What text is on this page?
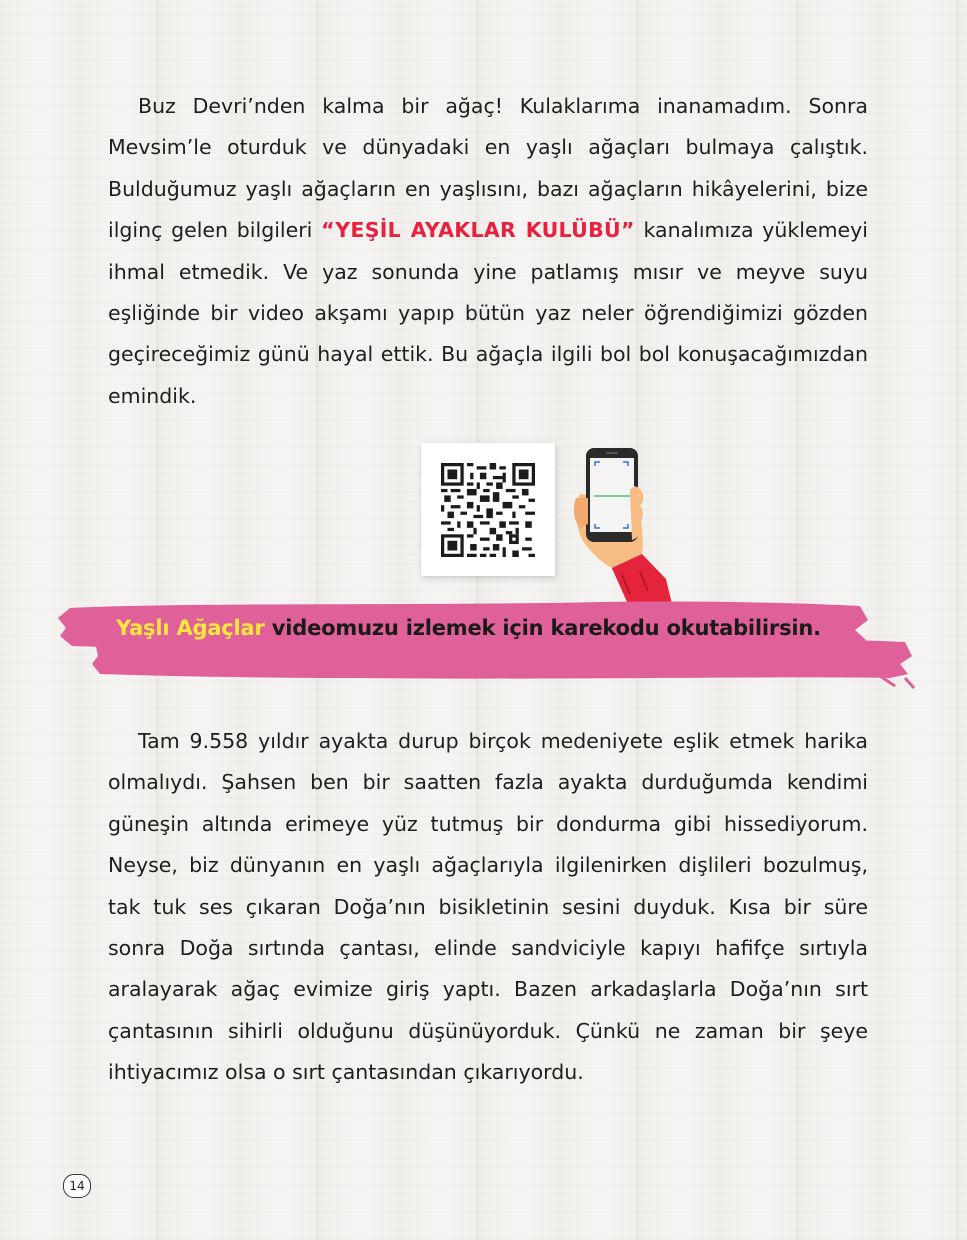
Buz Devri’nden kalma bir ağaç! Kulaklarıma inanamadım. Sonra Mevsim’le oturduk ve dünyadaki en yaşlı ağaçları bulmaya çalıştık. Bulduğumuz yaşlı ağaçların en yaşlısını, bazı ağaçların hikâyelerini, bize ilginç gelen bilgileri “YEŞİL AYAKLAR KULÜBÜ” kanalımıza yüklemeyi ihmal etmedik. Ve yaz sonunda yine patlamış mısır ve meyve suyu eşliğinde bir video akşamı yapıp bütün yaz neler öğrendiğimizi gözden geçireceğimiz günü hayal ettik. Bu ağaçla ilgili bol bol konuşacağımızdan emindik.

Yaşlı Ağaçlar videomuzu izlemek için karekodu okutabilirsin.

Tam 9.558 yıldır ayakta durup birçok medeniyete eşlik etmek harika olmalıydı. Şahsen ben bir saatten fazla ayakta durduğumda kendimi güneşin altında erimeye yüz tutmuş bir dondurma gibi hissediyorum. Neyse, biz dünyanın en yaşlı ağaçlarıyla ilgilenirken dişlileri bozulmuş, tak tuk ses çıkaran Doğa’nın bisikletinin sesini duyduk. Kısa bir süre sonra Doğa sırtında çantası, elinde sandviciyle kapıyı hafifçe sırtıyla aralayarak ağaç evimize giriş yaptı. Bazen arkadaşlarla Doğa’nın sırt çantasının sihirli olduğunu düşünüyorduk. Çünkü ne zaman bir şeye ihtiyacımız olsa o sırt çantasından çıkarıyordu.

14
